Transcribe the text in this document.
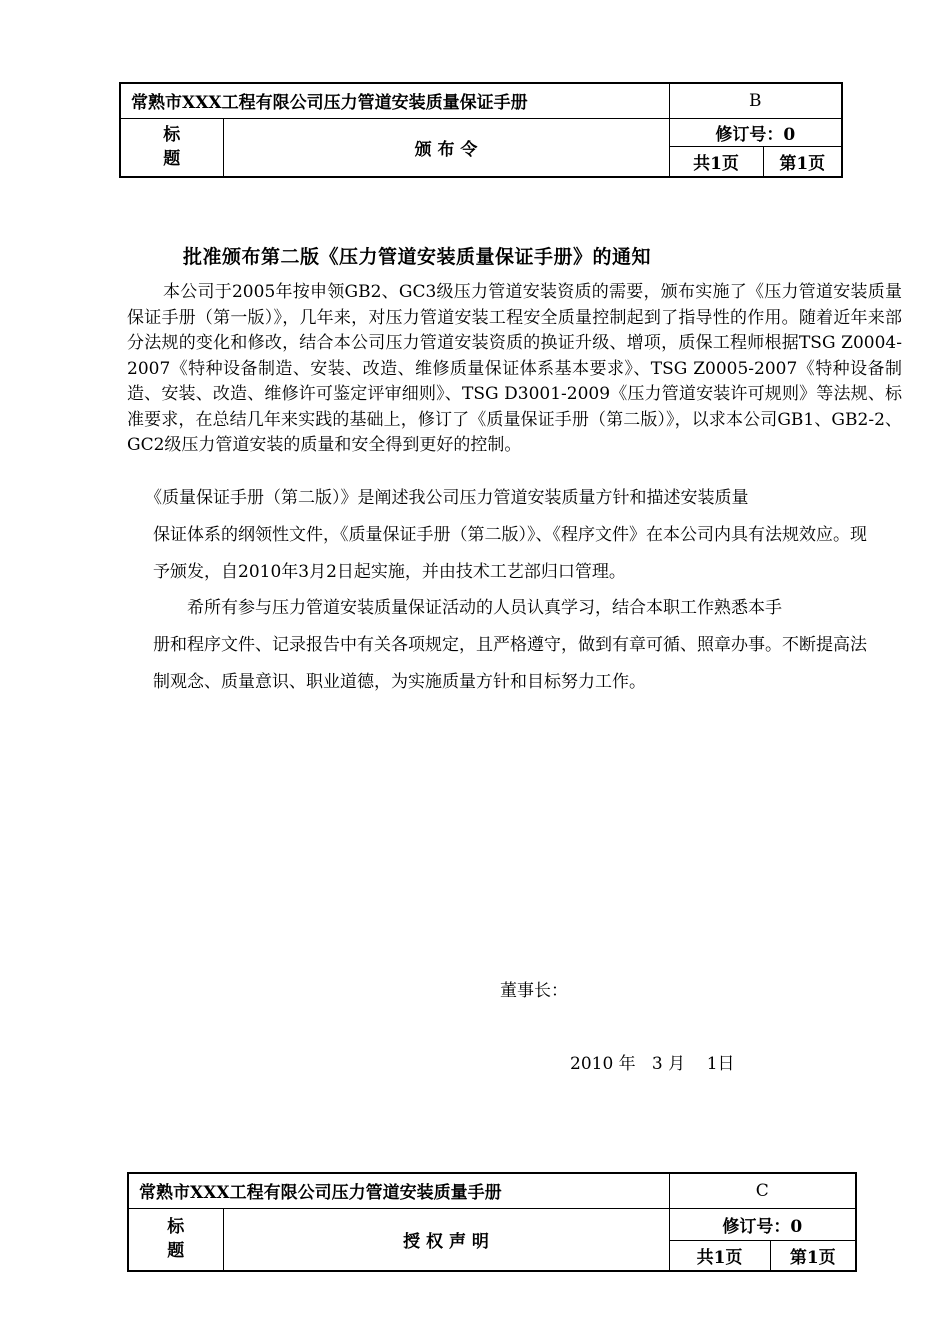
常熟市XXX工程有限公司压力管道安装质量保证手册		B	
标
题	颁 布 令	修订号：0	
		共1页	第1页
批准颁布第二版《压力管道安装质量保证手册》的通知

本公司于2005年按申领GB2、GC3级压力管道安装资质的需要，颁布实施了《压力管道安装质量保证手册（第一版）》，几年来，对压力管道安装工程安全质量控制起到了指导性的作用。随着近年来部分法规的变化和修改，结合本公司压力管道安装资质的换证升级、增项，质保工程师根据TSG Z0004-2007《特种设备制造、安装、改造、维修质量保证体系基本要求》、TSG Z0005-2007《特种设备制造、安装、改造、维修许可鉴定评审细则》、TSG D3001-2009《压力管道安装许可规则》等法规、标准要求，在总结几年来实践的基础上，修订了《质量保证手册（第二版）》，以求本公司GB1、GB2-2、GC2级压力管道安装的质量和安全得到更好的控制。

《质量保证手册（第二版）》是阐述我公司压力管道安装质量方针和描述安装质量
保证体系的纲领性文件，《质量保证手册（第二版）》、《程序文件》在本公司内具有法规效应。现予颁发，自2010年3月2日起实施，并由技术工艺部归口管理。

希所有参与压力管道安装质量保证活动的人员认真学习，结合本职工作熟悉本手
册和程序文件、记录报告中有关各项规定，且严格遵守，做到有章可循、照章办事。不断提高法制观念、质量意识、职业道德，为实施质量方针和目标努力工作。

董事长：
2010 年   3 月    1日
常熟市XXX工程有限公司压力管道安装质量手册		C	
标
题	授 权 声 明	修订号：0	
		共1页	第1页
